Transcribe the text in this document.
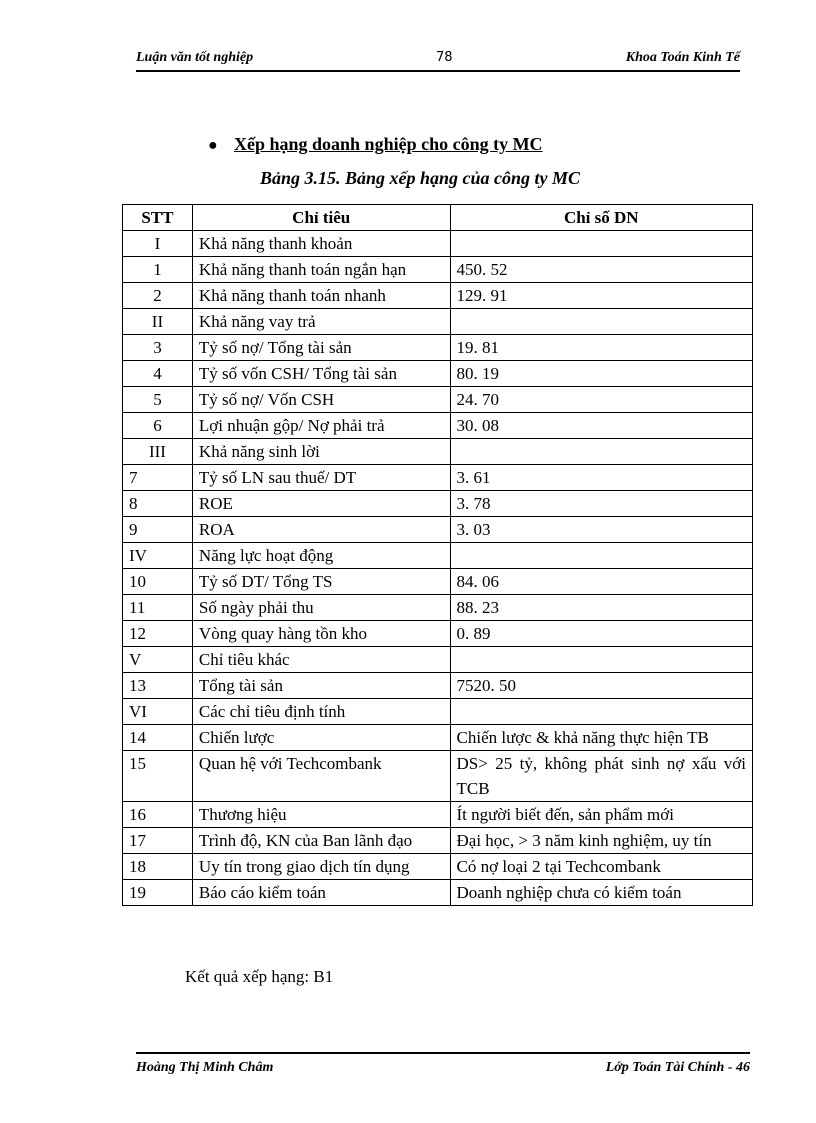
Luận văn tốt nghiệp	78	Khoa Toán Kinh Tế
● Xếp hạng doanh nghiệp cho công ty MC
Bảng 3.15. Bảng xếp hạng của công ty MC
STT	Chỉ tiêu	Chỉ số DN
I	Khả năng thanh khoản	
1	Khả năng thanh toán ngắn hạn	450. 52
2	Khả năng thanh toán nhanh	129. 91
II	Khả năng vay trả	
3	Tỷ số nợ/ Tổng tài sản	19. 81
4	Tỷ số vốn CSH/ Tổng tài sản	80. 19
5	Tỷ số nợ/ Vốn CSH	24. 70
6	Lợi nhuận gộp/ Nợ phải trả	30. 08
III	Khả năng sinh lời	
7	Tỷ số LN sau thuế/ DT	3. 61
8	ROE	3. 78
9	ROA	3. 03
IV	Năng lực hoạt động	
10	Tỷ số DT/ Tổng TS	84. 06
11	Số ngày phải thu	88. 23
12	Vòng quay hàng tồn kho	0. 89
V	Chỉ tiêu khác	
13	Tổng tài sản	7520. 50
VI	Các chỉ tiêu định tính	
14	Chiến lược	Chiến lược & khả năng thực hiện TB
15	Quan hệ với Techcombank	DS> 25 tỷ, không phát sinh nợ xấu với TCB
16	Thương hiệu	Ít người biết đến, sản phẩm mới
17	Trình độ, KN của Ban lãnh đạo	Đại học, > 3 năm kinh nghiệm, uy tín
18	Uy tín trong giao dịch tín dụng	Có nợ loại 2 tại Techcombank
19	Báo cáo kiểm toán	Doanh nghiệp chưa có kiểm toán
Kết quả xếp hạng: B1
Hoàng Thị Minh Châm	Lớp Toán Tài Chính - 46
